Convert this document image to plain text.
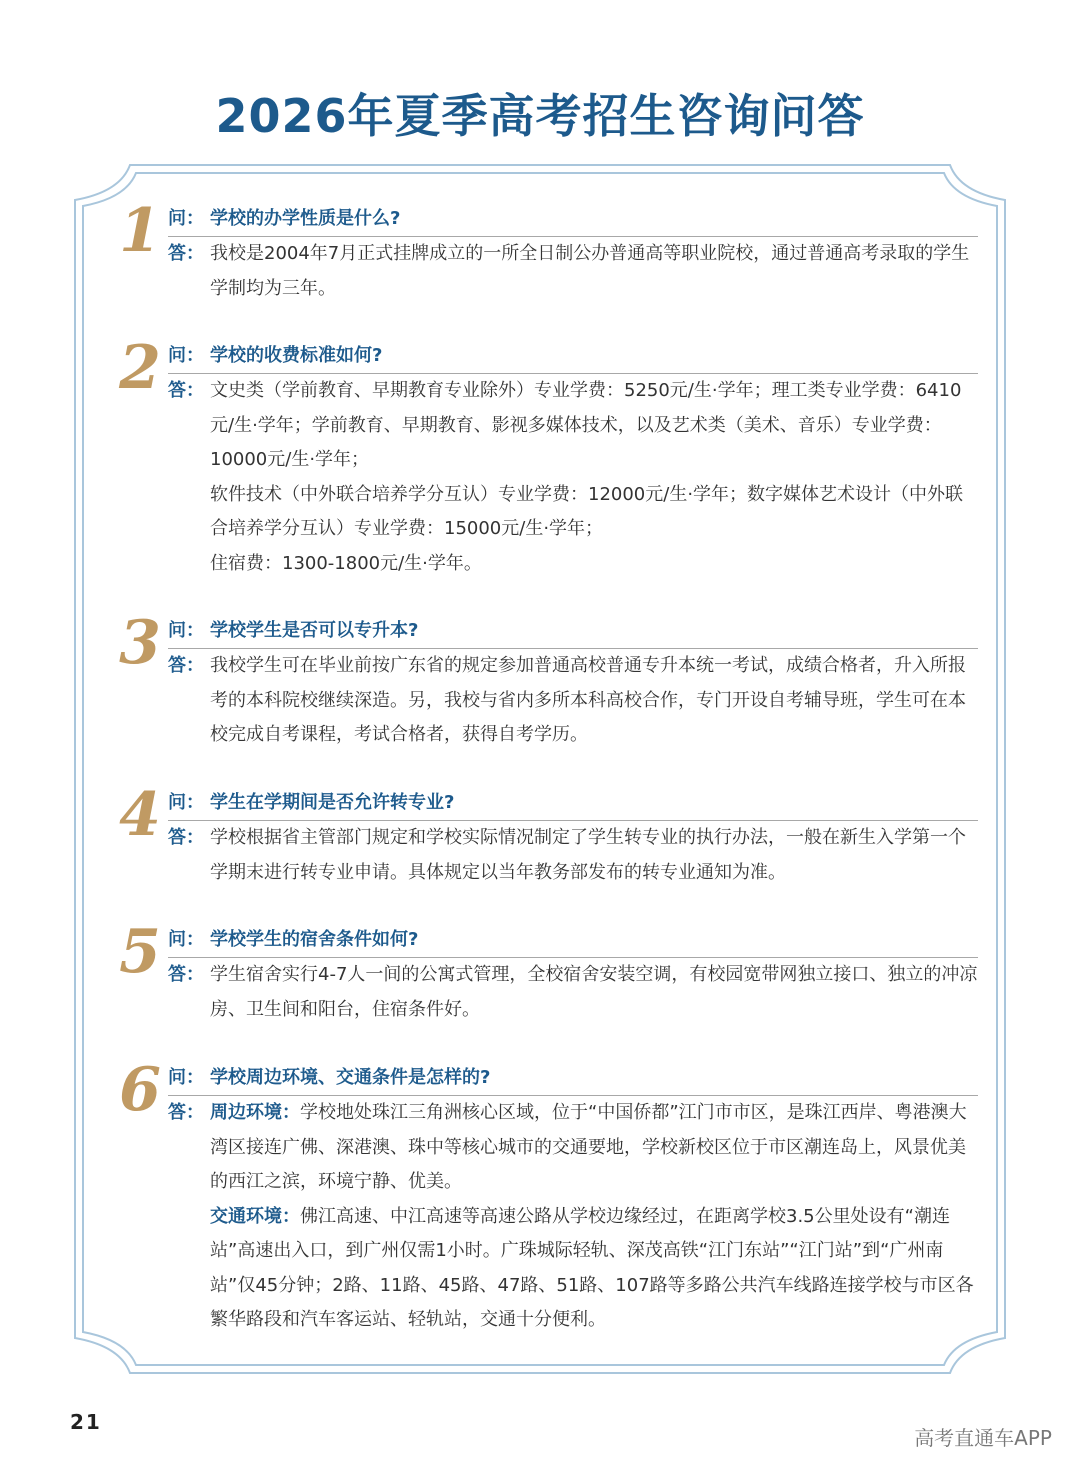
2026年夏季高考招生咨询问答
1 问： 学校的办学性质是什么?
答： 我校是2004年7月正式挂牌成立的一所全日制公办普通高等职业院校，通过普通高考录取的学生学制均为三年。

2 问： 学校的收费标准如何?
答： 文史类（学前教育、早期教育专业除外）专业学费：5250元/生·学年；理工类专业学费：6410元/生·学年；学前教育、早期教育、影视多媒体技术，以及艺术类（美术、音乐）专业学费：10000元/生·学年；

软件技术（中外联合培养学分互认）专业学费：12000元/生·学年；数字媒体艺术设计（中外联合培养学分互认）专业学费：15000元/生·学年；

住宿费：1300-1800元/生·学年。

3 问： 学校学生是否可以专升本?
答： 我校学生可在毕业前按广东省的规定参加普通高校普通专升本统一考试，成绩合格者，升入所报考的本科院校继续深造。另，我校与省内多所本科高校合作，专门开设自考辅导班，学生可在本校完成自考课程，考试合格者，获得自考学历。

4 问： 学生在学期间是否允许转专业?
答： 学校根据省主管部门规定和学校实际情况制定了学生转专业的执行办法，一般在新生入学第一个学期末进行转专业申请。具体规定以当年教务部发布的转专业通知为准。

5 问： 学校学生的宿舍条件如何?
答： 学生宿舍实行4-7人一间的公寓式管理，全校宿舍安装空调，有校园宽带网独立接口、独立的冲凉房、卫生间和阳台，住宿条件好。

6 问： 学校周边环境、交通条件是怎样的?
答： 周边环境：学校地处珠江三角洲核心区域，位于“中国侨都”江门市市区，是珠江西岸、粤港澳大湾区接连广佛、深港澳、珠中等核心城市的交通要地，学校新校区位于市区潮连岛上，风景优美的西江之滨，环境宁静、优美。

交通环境：佛江高速、中江高速等高速公路从学校边缘经过，在距离学校3.5公里处设有“潮连站”高速出入口，到广州仅需1小时。广珠城际轻轨、深茂高铁“江门东站”“江门站”到“广州南站”仅45分钟；2路、11路、45路、47路、51路、107路等多路公共汽车线路连接学校与市区各繁华路段和汽车客运站、轻轨站，交通十分便利。

21
高考直通车APP
